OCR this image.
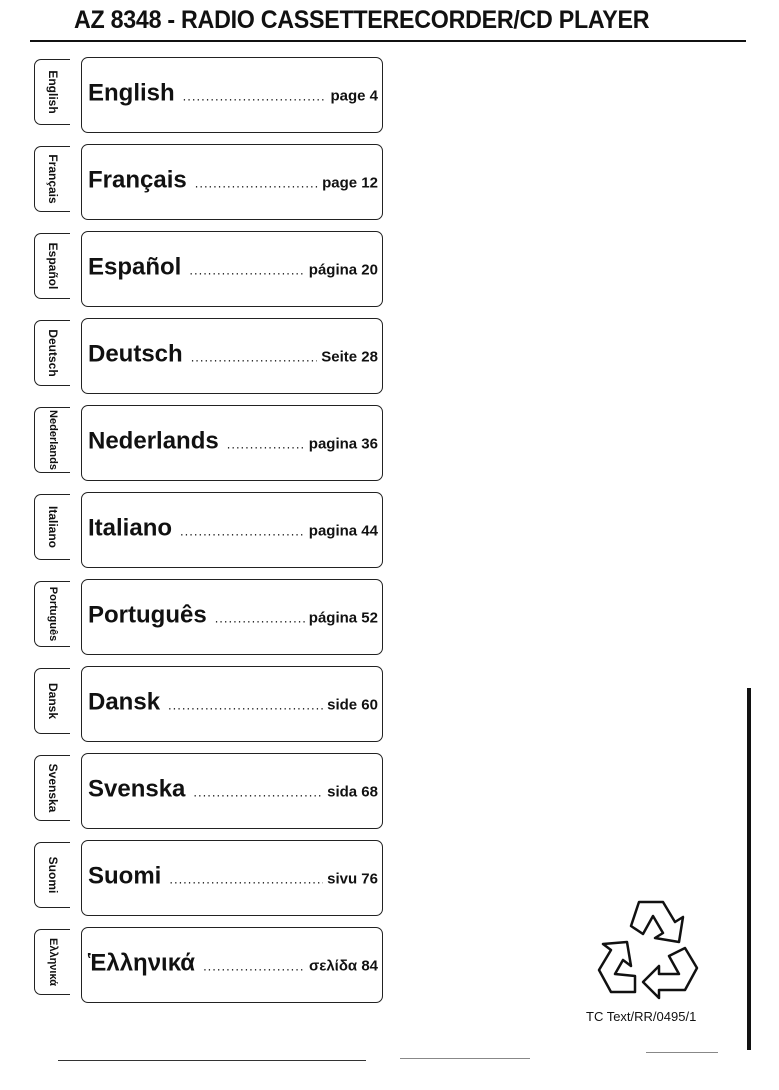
AZ 8348 - RADIO CASSETTERECORDER/CD PLAYER
English English .....	page 4
Français Français .....	page 12
Español Español .....	página 20
Deutsch Deutsch .....	Seite 28
Nederlands Nederlands .....	pagina 36
Italiano Italiano .....	pagina 44
Português Português .....	página 52
Dansk Dansk .....	side 60
Svenska Svenska .....	sida 68
Suomi Suomi .....	sivu 76
Ελληνικά Ἑλληνικά .....	σελίδα 84
TC Text/RR/0495/1
